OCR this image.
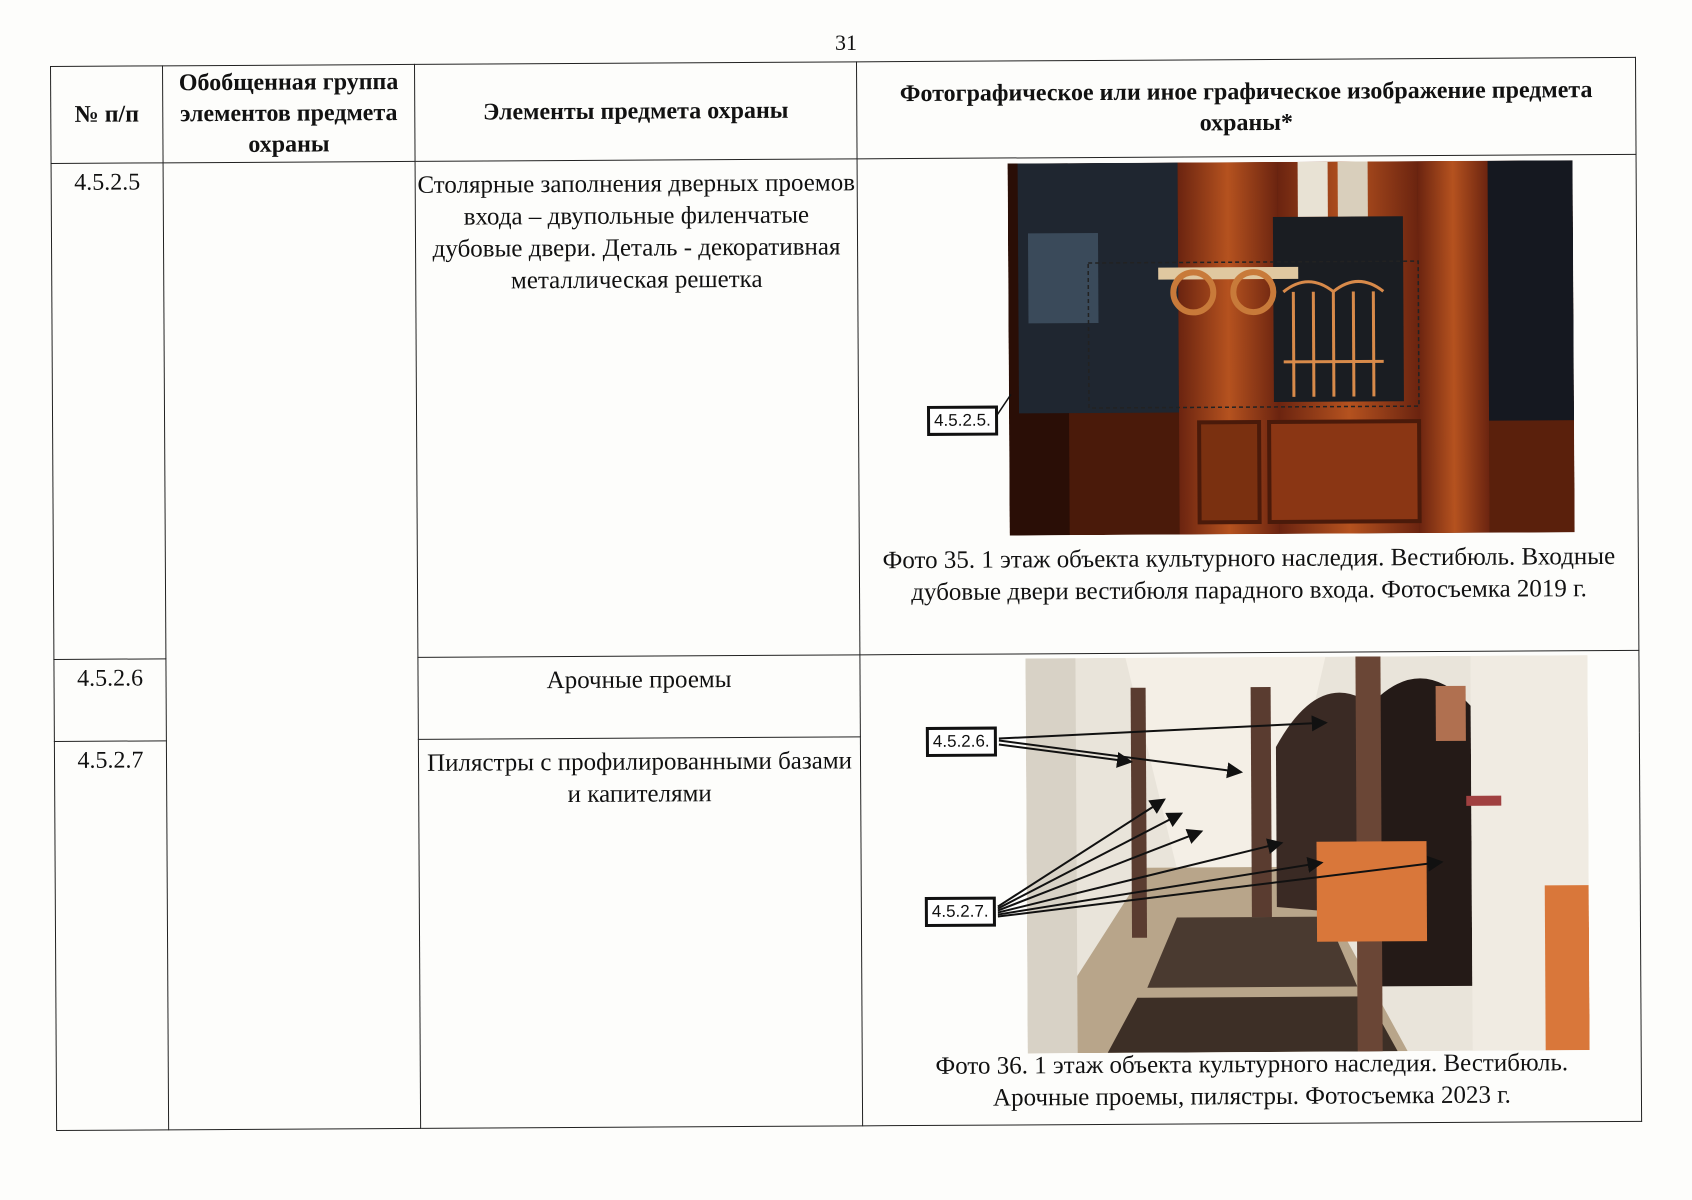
31
№ п/п	Обобщенная группа элементов предмета охраны	Элементы предмета охраны	Фотографическое или иное графическое изображение предмета охраны*
4.5.2.5		Столярные заполнения дверных проемов входа – двупольные филенчатые дубовые двери. Деталь - декоративная металлическая решетка	4.5.2.5.
Фото 35. 1 этаж объекта культурного наследия. Вестибюль. Входные дубовые двери вестибюля парадного входа. Фотосъемка 2019 г.

4.5.2.6		Арочные проемы	4.5.2.6.
4.5.2.7.
Фото 36. 1 этаж объекта культурного наследия. Вестибюль. Арочные проемы, пилястры. Фотосъемка 2023 г.

4.5.2.7		Пилястры с профилированными базами и капителями	
